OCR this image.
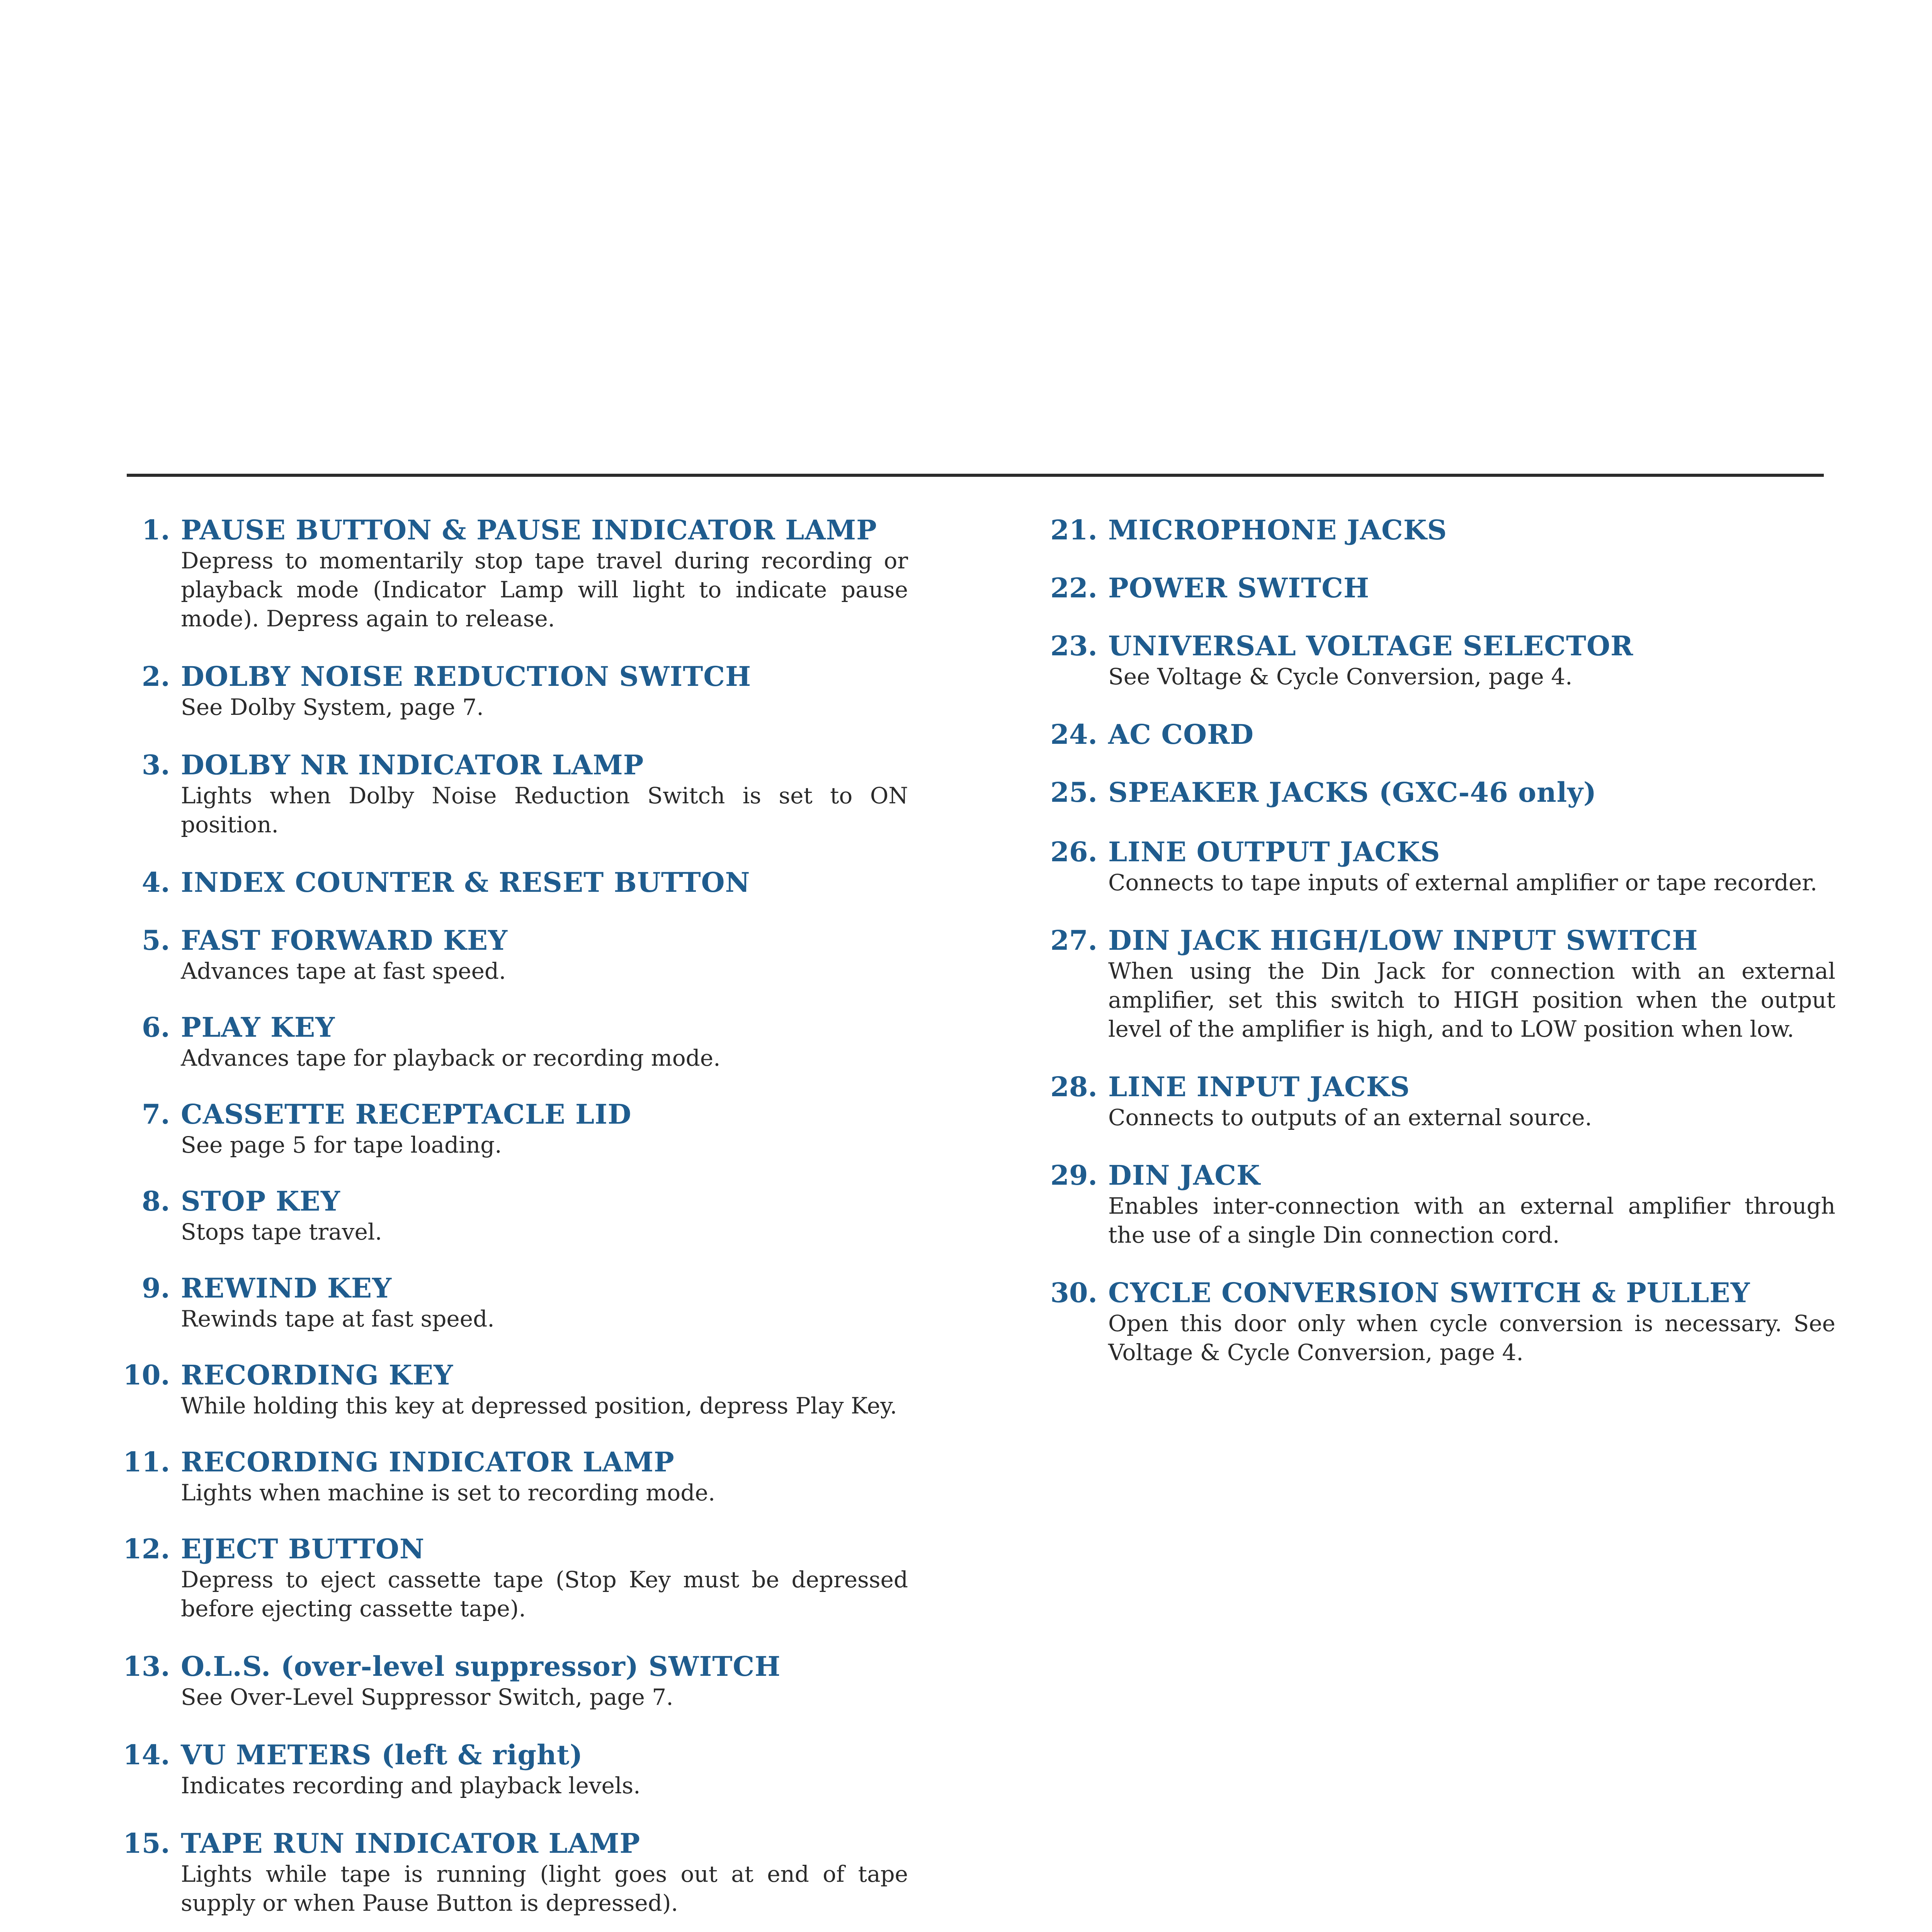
1. PAUSE BUTTON & PAUSE INDICATOR LAMP
Depress to momentarily stop tape travel during recording or playback mode (Indicator Lamp will light to indicate pause mode). Depress again to release.
2. DOLBY NOISE REDUCTION SWITCH
See Dolby System, page 7.
3. DOLBY NR INDICATOR LAMP
Lights when Dolby Noise Reduction Switch is set to ON position.
4. INDEX COUNTER & RESET BUTTON
5. FAST FORWARD KEY
Advances tape at fast speed.
6. PLAY KEY
Advances tape for playback or recording mode.
7. CASSETTE RECEPTACLE LID
See page 5 for tape loading.
8. STOP KEY
Stops tape travel.
9. REWIND KEY
Rewinds tape at fast speed.
10. RECORDING KEY
While holding this key at depressed position, depress Play Key.
11. RECORDING INDICATOR LAMP
Lights when machine is set to recording mode.
12. EJECT BUTTON
Depress to eject cassette tape (Stop Key must be depressed before ejecting cassette tape).
13. O.L.S. (over-level suppressor) SWITCH
See Over-Level Suppressor Switch, page 7.
14. VU METERS (left & right)
Indicates recording and playback levels.
15. TAPE RUN INDICATOR LAMP
Lights while tape is running (light goes out at end of tape supply or when Pause Button is depressed).
21. MICROPHONE JACKS
22. POWER SWITCH
23. UNIVERSAL VOLTAGE SELECTOR
See Voltage & Cycle Conversion, page 4.
24. AC CORD
25. SPEAKER JACKS (GXC-46 only)
26. LINE OUTPUT JACKS
Connects to tape inputs of external amplifier or tape recorder.
27. DIN JACK HIGH/LOW INPUT SWITCH
When using the Din Jack for connection with an external amplifier, set this switch to HIGH position when the output level of the amplifier is high, and to LOW position when low.
28. LINE INPUT JACKS
Connects to outputs of an external source.
29. DIN JACK
Enables inter-connection with an external amplifier through the use of a single Din connection cord.
30. CYCLE CONVERSION SWITCH & PULLEY
Open this door only when cycle conversion is necessary. See Voltage & Cycle Conversion, page 4.
